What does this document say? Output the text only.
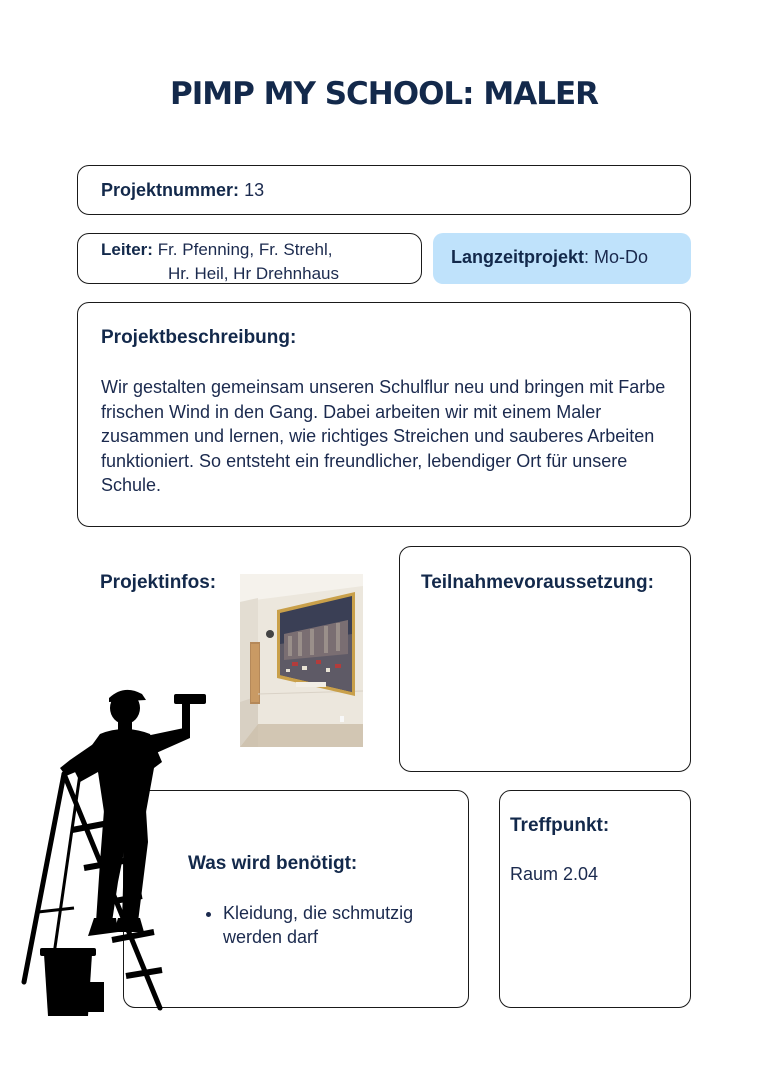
PIMP MY SCHOOL: MALER
Projektnummer: 13
Leiter: Fr. Pfenning, Fr. Strehl,
Hr. Heil, Hr Drehnhaus
Langzeitprojekt: Mo-Do
Projektbeschreibung:

Wir gestalten gemeinsam unseren Schulflur neu und bringen mit Farbe frischen Wind in den Gang. Dabei arbeiten wir mit einem Maler zusammen und lernen, wie richtiges Streichen und sauberes Arbeiten funktioniert. So entsteht ein freundlicher, lebendiger Ort für unsere Schule.

Projektinfos:	Teilnahmevoraussetzung:
Was wird benötigt:
• Kleidung, die schmutzig werden darf
Treffpunkt:
Raum 2.04
